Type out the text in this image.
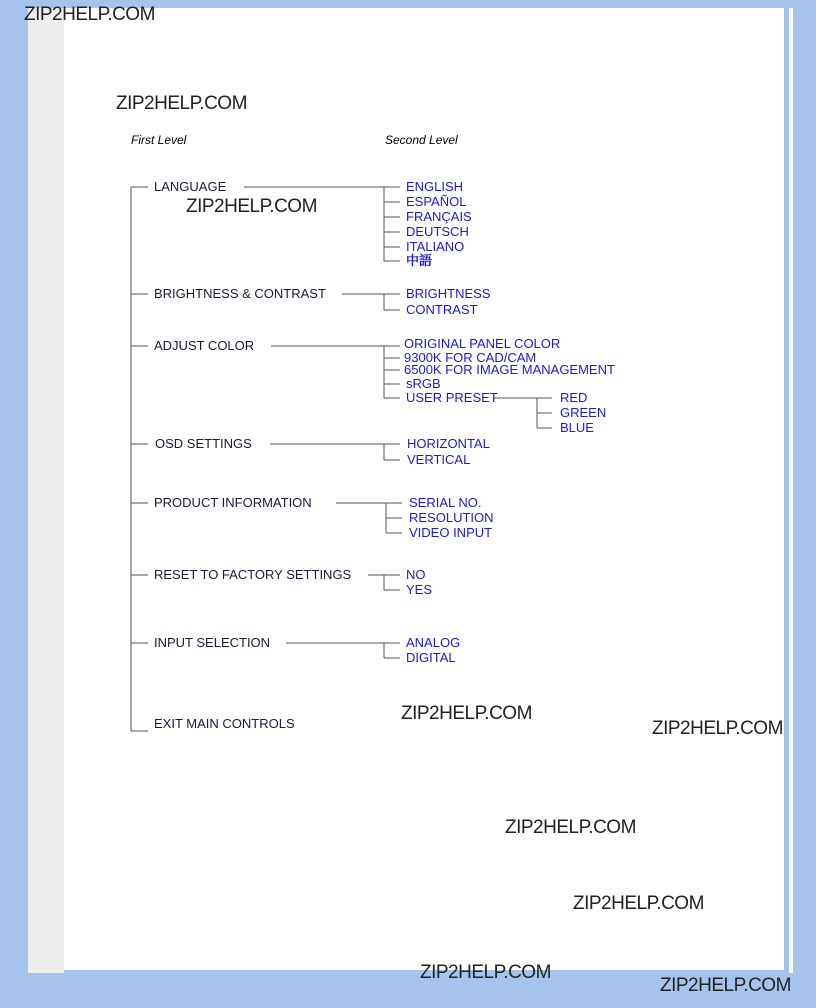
ZIP2HELP.COM
ZIP2HELP.COM
ZIP2HELP.COM
ZIP2HELP.COM
ZIP2HELP.COM
ZIP2HELP.COM
ZIP2HELP.COM
ZIP2HELP.COM
ZIP2HELP.COM
First Level	Second Level
LANGUAGE
BRIGHTNESS & CONTRAST
ADJUST COLOR
OSD SETTINGS
PRODUCT INFORMATION
RESET TO FACTORY SETTINGS
INPUT SELECTION
EXIT MAIN CONTROLS
ENGLISH
ESPAÑOL
FRANÇAIS
DEUTSCH
ITALIANO
中語
BRIGHTNESS
CONTRAST
ORIGINAL PANEL COLOR
9300K FOR CAD/CAM
6500K FOR IMAGE MANAGEMENT
sRGB
USER PRESET	RED
GREEN
BLUE
HORIZONTAL
VERTICAL
SERIAL NO.
RESOLUTION
VIDEO INPUT
NO
YES
ANALOG
DIGITAL
